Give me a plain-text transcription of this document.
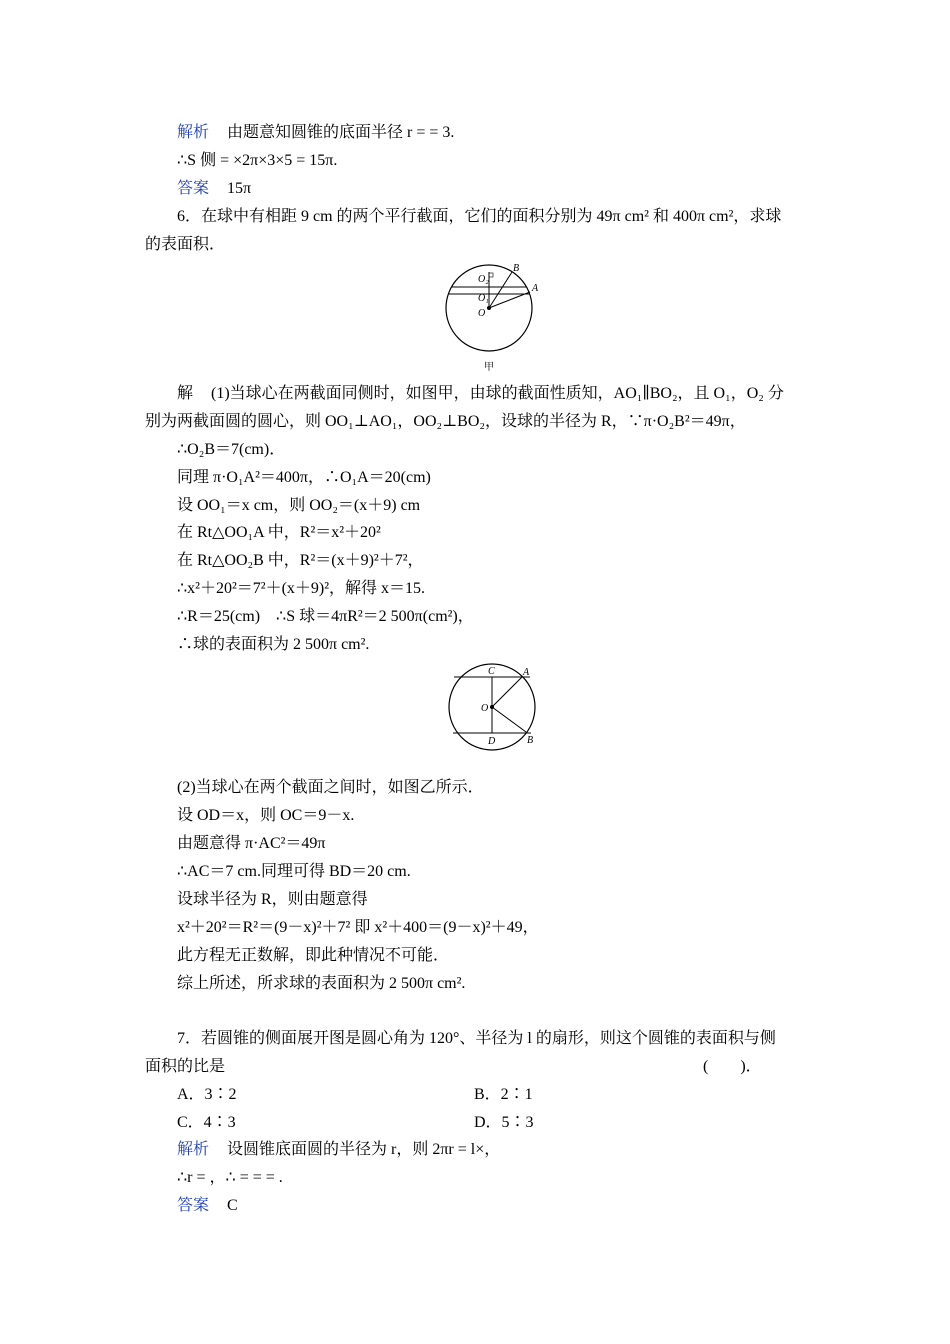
解析 由题意知圆锥的底面半径 r = = 3.
∴S 侧 = ×2π×3×5 = 15π.
答案 15π
6．在球中有相距 9 cm 的两个平行截面，它们的面积分别为 49π cm² 和 400π cm²，求球
的表面积．
O₂
O₁
O
B
A
甲
解 (1)当球心在两截面同侧时，如图甲，由球的截面性质知，AO₁∥BO₂，且 O₁，O₂ 分
别为两截面圆的圆心，则 OO₁⊥AO₁，OO₂⊥BO₂，设球的半径为 R，∵π·O₂B²＝49π，
∴O₂B＝7(cm)．
同理 π·O₁A²＝400π，∴O₁A＝20(cm)
设 OO₁＝x cm，则 OO₂＝(x＋9) cm
在 Rt△OO₁A 中，R²＝x²＋20²
在 Rt△OO₂B 中，R²＝(x＋9)²＋7²，
∴x²＋20²＝7²＋(x＋9)²，解得 x＝15.
∴R＝25(cm)　∴S 球＝4πR²＝2 500π(cm²)，
∴球的表面积为 2 500π cm².
C	A
O
D	B
(2)当球心在两个截面之间时，如图乙所示．
设 OD＝x，则 OC＝9－x.
由题意得 π·AC²＝49π
∴AC＝7 cm.同理可得 BD＝20 cm.
设球半径为 R，则由题意得
x²＋20²＝R²＝(9－x)²＋7² 即 x²＋400＝(9－x)²＋49，
此方程无正数解，即此种情况不可能．
综上所述，所求球的表面积为 2 500π cm².
7．若圆锥的侧面展开图是圆心角为 120°、半径为 l 的扇形，则这个圆锥的表面积与侧
面积的比是	(　　)．
A．3∶2	B．2∶1
C．4∶3	D．5∶3
解析 设圆锥底面圆的半径为 r，则 2πr = l×，
∴r = ，∴ = = = .
答案 C
